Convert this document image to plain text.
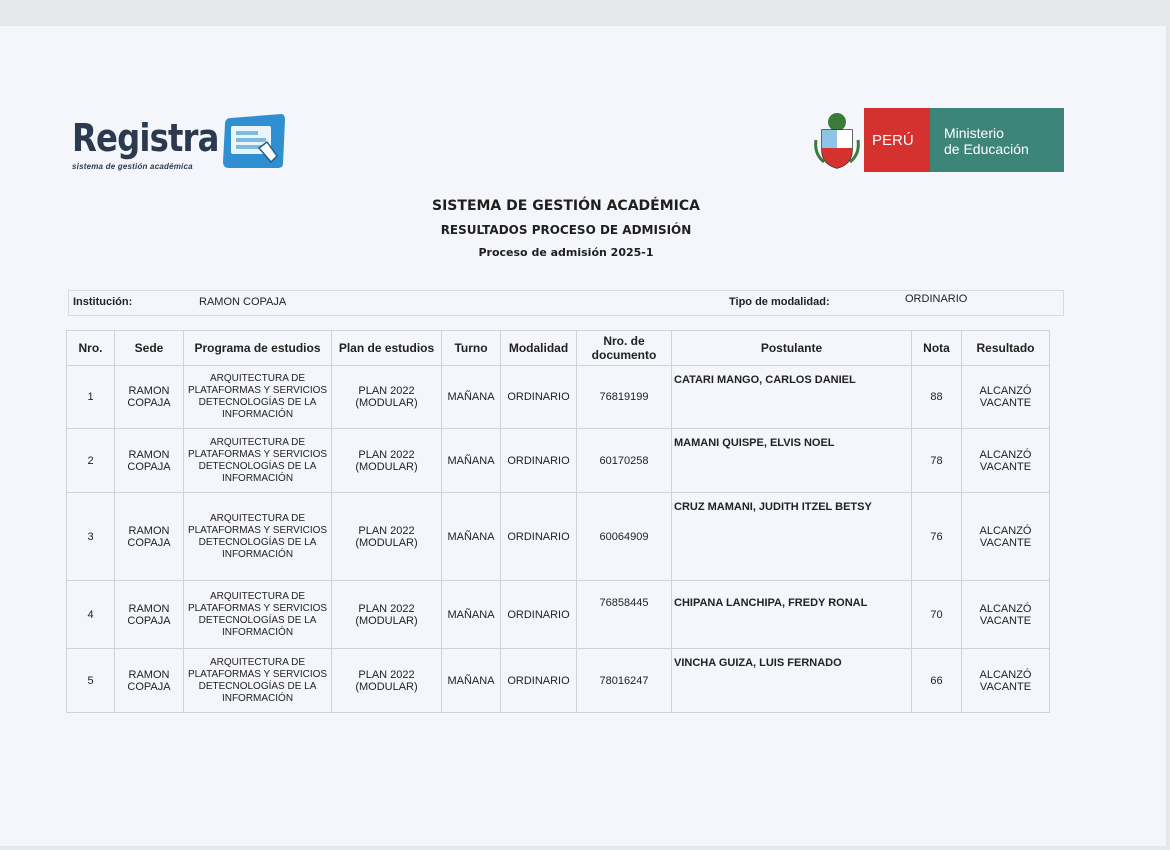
Registra
sistema de gestión académica
PERÚ	Ministerio
de Educación
SISTEMA DE GESTIÓN ACADÉMICA
RESULTADOS PROCESO DE ADMISIÓN
Proceso de admisión 2025-1
Institución:	RAMON COPAJA	Tipo de modalidad:	ORDINARIO
Nro.	Sede	Programa de estudios	Plan de estudios	Turno	Modalidad	Nro. de documento	Postulante	Nota	Resultado
1	RAMON COPAJA	ARQUITECTURA DE PLATAFORMAS Y SERVICIOS DETECNOLOGÍAS DE LA INFORMACIÓN	PLAN 2022 (MODULAR)	MAÑANA	ORDINARIO	76819199	CATARI MANGO, CARLOS DANIEL	88	ALCANZÓ VACANTE
2	RAMON COPAJA	ARQUITECTURA DE PLATAFORMAS Y SERVICIOS DETECNOLOGÍAS DE LA INFORMACIÓN	PLAN 2022 (MODULAR)	MAÑANA	ORDINARIO	60170258	MAMANI QUISPE, ELVIS NOEL	78	ALCANZÓ VACANTE
3	RAMON COPAJA	ARQUITECTURA DE PLATAFORMAS Y SERVICIOS DETECNOLOGÍAS DE LA INFORMACIÓN	PLAN 2022 (MODULAR)	MAÑANA	ORDINARIO	60064909	CRUZ MAMANI, JUDITH ITZEL BETSY	76	ALCANZÓ VACANTE
4	RAMON COPAJA	ARQUITECTURA DE PLATAFORMAS Y SERVICIOS DETECNOLOGÍAS DE LA INFORMACIÓN	PLAN 2022 (MODULAR)	MAÑANA	ORDINARIO	76858445	CHIPANA LANCHIPA, FREDY RONAL	70	ALCANZÓ VACANTE
5	RAMON COPAJA	ARQUITECTURA DE PLATAFORMAS Y SERVICIOS DETECNOLOGÍAS DE LA INFORMACIÓN	PLAN 2022 (MODULAR)	MAÑANA	ORDINARIO	78016247	VINCHA GUIZA, LUIS FERNADO	66	ALCANZÓ VACANTE
